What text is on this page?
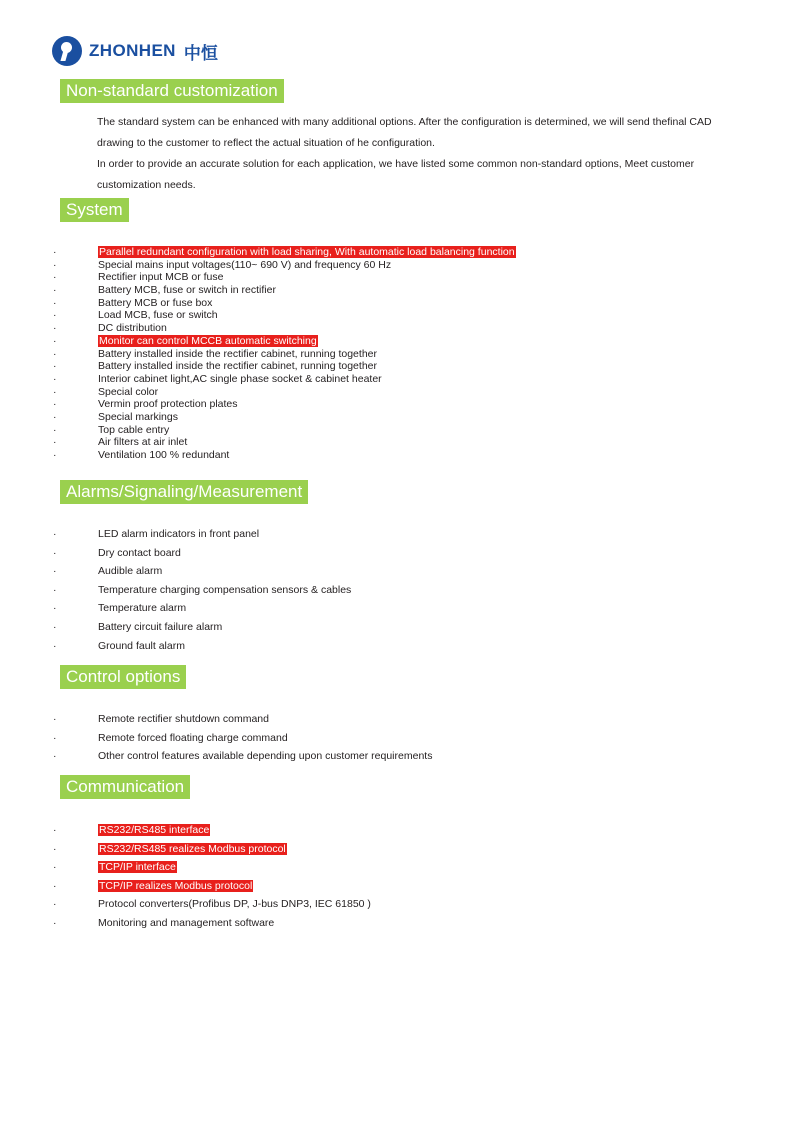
ZHONHEN 中恒
Non-standard customization

The standard system can be enhanced with many additional options. After the configuration is determined, we will send thefinal CAD

drawing to the customer to reflect the actual situation of he configuration.

In order to provide an accurate solution for each application, we have listed some common non-standard options, Meet customer

customization needs.

System
·	Parallel redundant configuration with load sharing, With automatic load balancing function
·	Special mains input voltages(110~ 690 V) and frequency 60 Hz
·	Rectifier input MCB or fuse
·	Battery MCB, fuse or switch in rectifier
·	Battery MCB or fuse box
·	Load MCB, fuse or switch
·	DC distribution
·	Monitor can control MCCB automatic switching
·	Battery installed inside the rectifier cabinet, running together
·	Battery installed inside the rectifier cabinet, running together
·	Interior cabinet light,AC single phase socket & cabinet heater
·	Special color
·	Vermin proof protection plates
·	Special markings
·	Top cable entry
·	Air filters at air inlet
·	Ventilation 100 % redundant
Alarms/Signaling/Measurement
·	LED alarm indicators in front panel
·	Dry contact board
·	Audible alarm
·	Temperature charging compensation sensors & cables
·	Temperature alarm
·	Battery circuit failure alarm
·	Ground fault alarm
Control options
·	Remote rectifier shutdown command
·	Remote forced floating charge command
·	Other control features available depending upon customer requirements
Communication
·	RS232/RS485 interface
·	RS232/RS485 realizes Modbus protocol
·	TCP/IP interface
·	TCP/IP realizes Modbus protocol
·	Protocol converters(Profibus DP, J-bus DNP3, IEC 61850 )
·	Monitoring and management software
